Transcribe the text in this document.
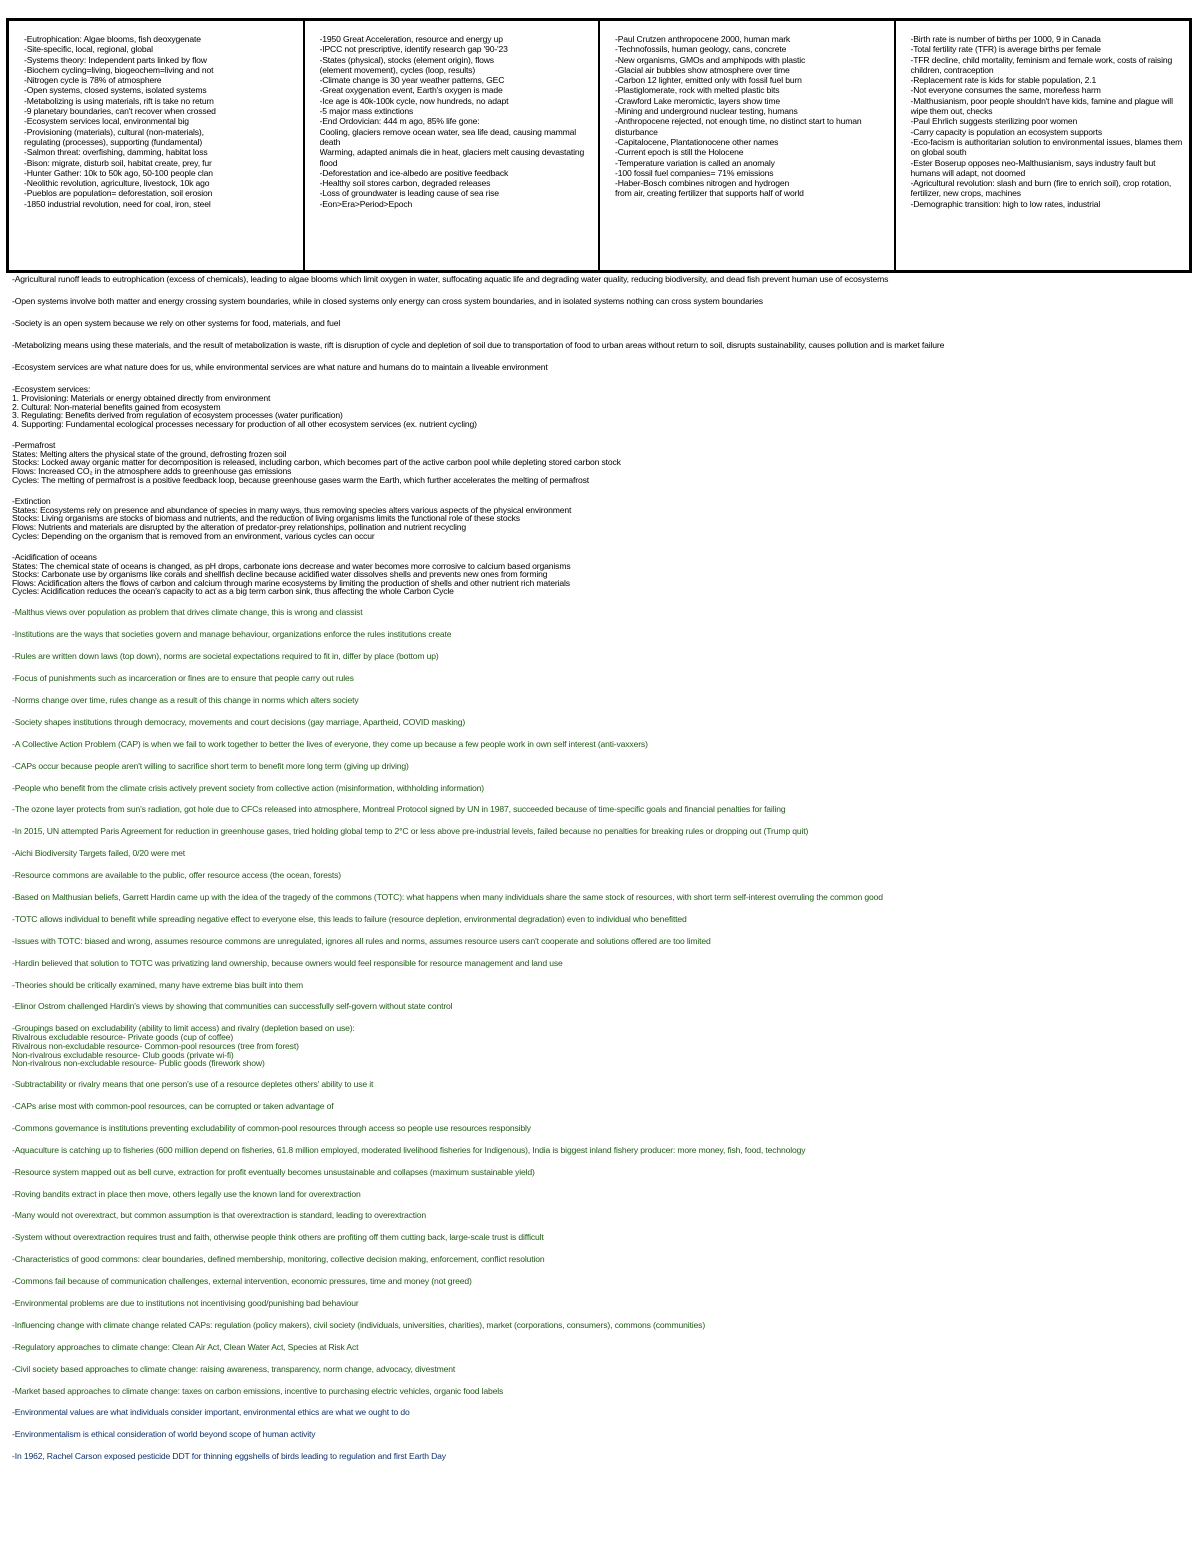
-Eutrophication: Algae blooms, fish deoxygenate
-Site-specific, local, regional, global
-Systems theory: Independent parts linked by flow
-Biochem cycling=living, biogeochem=living and not
-Nitrogen cycle is 78% of atmosphere
-Open systems, closed systems, isolated systems
-Metabolizing is using materials, rift is take no return
-9 planetary boundaries, can't recover when crossed
-Ecosystem services local, environmental big
-Provisioning (materials), cultural (non-materials),
regulating (processes), supporting (fundamental)
-Salmon threat: overfishing, damming, habitat loss
-Bison: migrate, disturb soil, habitat create, prey, fur
-Hunter Gather: 10k to 50k ago, 50-100 people clan
-Neolithic revolution, agriculture, livestock, 10k ago
-Pueblos are population= deforestation, soil erosion
-1850 industrial revolution, need for coal, iron, steel
-1950 Great Acceleration, resource and energy up
-IPCC not prescriptive, identify research gap '90-'23
-States (physical), stocks (element origin), flows
(element movement), cycles (loop, results)
-Climate change is 30 year weather patterns, GEC
-Great oxygenation event, Earth's oxygen is made
-Ice age is 40k-100k cycle, now hundreds, no adapt
-5 major mass extinctions
-End Ordovician: 444 m ago, 85% life gone:
Cooling, glaciers remove ocean water, sea life dead, causing mammal death
Warming, adapted animals die in heat, glaciers melt causing devastating flood
-Deforestation and ice-albedo are positive feedback
-Healthy soil stores carbon, degraded releases
-Loss of groundwater is leading cause of sea rise
-Eon>Era>Period>Epoch
-Paul Crutzen anthropocene 2000, human mark
-Technofossils, human geology, cans, concrete
-New organisms, GMOs and amphipods with plastic
-Glacial air bubbles show atmosphere over time
-Carbon 12 lighter, emitted only with fossil fuel burn
-Plastiglomerate, rock with melted plastic bits
-Crawford Lake meromictic, layers show time
-Mining and underground nuclear testing, humans
-Anthropocene rejected, not enough time, no distinct start to human disturbance
-Capitalocene, Plantationocene other names
-Current epoch is still the Holocene
-Temperature variation is called an anomaly
-100 fossil fuel companies= 71% emissions
-Haber-Bosch combines nitrogen and hydrogen
from air, creating fertilizer that supports half of world
-Birth rate is number of births per 1000, 9 in Canada
-Total fertility rate (TFR) is average births per female
-TFR decline, child mortality, feminism and female work, costs of raising children, contraception
-Replacement rate is kids for stable population, 2.1
-Not everyone consumes the same, more/less harm
-Malthusianism, poor people shouldn't have kids, famine and plague will wipe them out, checks
-Paul Ehrlich suggests sterilizing poor women
-Carry capacity is population an ecosystem supports
-Eco-facism is authoritarian solution to environmental issues, blames them on global south
-Ester Boserup opposes neo-Malthusianism, says industry fault but humans will adapt, not doomed
-Agricultural revolution: slash and burn (fire to enrich soil), crop rotation, fertilizer, new crops, machines
-Demographic transition: high to low rates, industrial
-Agricultural runoff leads to eutrophication (excess of chemicals), leading to algae blooms which limit oxygen in water, suffocating aquatic life and degrading water quality, reducing biodiversity, and dead fish prevent human use of ecosystems
-Open systems involve both matter and energy crossing system boundaries, while in closed systems only energy can cross system boundaries, and in isolated systems nothing can cross system boundaries
-Society is an open system because we rely on other systems for food, materials, and fuel
-Metabolizing means using these materials, and the result of metabolization is waste, rift is disruption of cycle and depletion of soil due to transportation of food to urban areas without return to soil, disrupts sustainability, causes pollution and is market failure
-Ecosystem services are what nature does for us, while environmental services are what nature and humans do to maintain a liveable environment
-Ecosystem services:
1. Provisioning: Materials or energy obtained directly from environment
2. Cultural: Non-material benefits gained from ecosystem
3. Regulating: Benefits derived from regulation of ecosystem processes (water purification)
4. Supporting: Fundamental ecological processes necessary for production of all other ecosystem services (ex. nutrient cycling)
-Permafrost
States: Melting alters the physical state of the ground, defrosting frozen soil
Stocks: Locked away organic matter for decomposition is released, including carbon, which becomes part of the active carbon pool while depleting stored carbon stock
Flows: Increased CO₂ in the atmosphere adds to greenhouse gas emissions
Cycles: The melting of permafrost is a positive feedback loop, because greenhouse gases warm the Earth, which further accelerates the melting of permafrost
-Extinction
States: Ecosystems rely on presence and abundance of species in many ways, thus removing species alters various aspects of the physical environment
Stocks: Living organisms are stocks of biomass and nutrients, and the reduction of living organisms limits the functional role of these stocks
Flows: Nutrients and materials are disrupted by the alteration of predator-prey relationships, pollination and nutrient recycling
Cycles: Depending on the organism that is removed from an environment, various cycles can occur
-Acidification of oceans
States: The chemical state of oceans is changed, as pH drops, carbonate ions decrease and water becomes more corrosive to calcium based organisms
Stocks: Carbonate use by organisms like corals and shellfish decline because acidified water dissolves shells and prevents new ones from forming
Flows: Acidification alters the flows of carbon and calcium through marine ecosystems by limiting the production of shells and other nutrient rich materials
Cycles: Acidification reduces the ocean's capacity to act as a big term carbon sink, thus affecting the whole Carbon Cycle
-Malthus views over population as problem that drives climate change, this is wrong and classist
-Institutions are the ways that societies govern and manage behaviour, organizations enforce the rules institutions create
-Rules are written down laws (top down), norms are societal expectations required to fit in, differ by place (bottom up)
-Focus of punishments such as incarceration or fines are to ensure that people carry out rules
-Norms change over time, rules change as a result of this change in norms which alters society
-Society shapes institutions through democracy, movements and court decisions (gay marriage, Apartheid, COVID masking)
-A Collective Action Problem (CAP) is when we fail to work together to better the lives of everyone, they come up because a few people work in own self interest (anti-vaxxers)
-CAPs occur because people aren't willing to sacrifice short term to benefit more long term (giving up driving)
-People who benefit from the climate crisis actively prevent society from collective action (misinformation, withholding information)
-The ozone layer protects from sun's radiation, got hole due to CFCs released into atmosphere, Montreal Protocol signed by UN in 1987, succeeded because of time-specific goals and financial penalties for failing
-In 2015, UN attempted Paris Agreement for reduction in greenhouse gases, tried holding global temp to 2°C or less above pre-industrial levels, failed because no penalties for breaking rules or dropping out (Trump quit)
-Aichi Biodiversity Targets failed, 0/20 were met
-Resource commons are available to the public, offer resource access (the ocean, forests)
-Based on Malthusian beliefs, Garrett Hardin came up with the idea of the tragedy of the commons (TOTC): what happens when many individuals share the same stock of resources, with short term self-interest overruling the common good
-TOTC allows individual to benefit while spreading negative effect to everyone else, this leads to failure (resource depletion, environmental degradation) even to individual who benefitted
-Issues with TOTC: biased and wrong, assumes resource commons are unregulated, ignores all rules and norms, assumes resource users can't cooperate and solutions offered are too limited
-Hardin believed that solution to TOTC was privatizing land ownership, because owners would feel responsible for resource management and land use
-Theories should be critically examined, many have extreme bias built into them
-Elinor Ostrom challenged Hardin's views by showing that communities can successfully self-govern without state control
-Groupings based on excludability (ability to limit access) and rivalry (depletion based on use):
Rivalrous excludable resource- Private goods (cup of coffee)
Rivalrous non-excludable resource- Common-pool resources (tree from forest)
Non-rivalrous excludable resource- Club goods (private wi-fi)
Non-rivalrous non-excludable resource- Public goods (firework show)
-Subtractability or rivalry means that one person's use of a resource depletes others' ability to use it
-CAPs arise most with common-pool resources, can be corrupted or taken advantage of
-Commons governance is institutions preventing excludability of common-pool resources through access so people use resources responsibly
-Aquaculture is catching up to fisheries (600 million depend on fisheries, 61.8 million employed, moderated livelihood fisheries for Indigenous), India is biggest inland fishery producer: more money, fish, food, technology
-Resource system mapped out as bell curve, extraction for profit eventually becomes unsustainable and collapses (maximum sustainable yield)
-Roving bandits extract in place then move, others legally use the known land for overextraction
-Many would not overextract, but common assumption is that overextraction is standard, leading to overextraction
-System without overextraction requires trust and faith, otherwise people think others are profiting off them cutting back, large-scale trust is difficult
-Characteristics of good commons: clear boundaries, defined membership, monitoring, collective decision making, enforcement, conflict resolution
-Commons fail because of communication challenges, external intervention, economic pressures, time and money (not greed)
-Environmental problems are due to institutions not incentivising good/punishing bad behaviour
-Influencing change with climate change related CAPs: regulation (policy makers), civil society (individuals, universities, charities), market (corporations, consumers), commons (communities)
-Regulatory approaches to climate change: Clean Air Act, Clean Water Act, Species at Risk Act
-Civil society based approaches to climate change: raising awareness, transparency, norm change, advocacy, divestment
-Market based approaches to climate change: taxes on carbon emissions, incentive to purchasing electric vehicles, organic food labels
-Environmental values are what individuals consider important, environmental ethics are what we ought to do
-Environmentalism is ethical consideration of world beyond scope of human activity
-In 1962, Rachel Carson exposed pesticide DDT for thinning eggshells of birds leading to regulation and first Earth Day
